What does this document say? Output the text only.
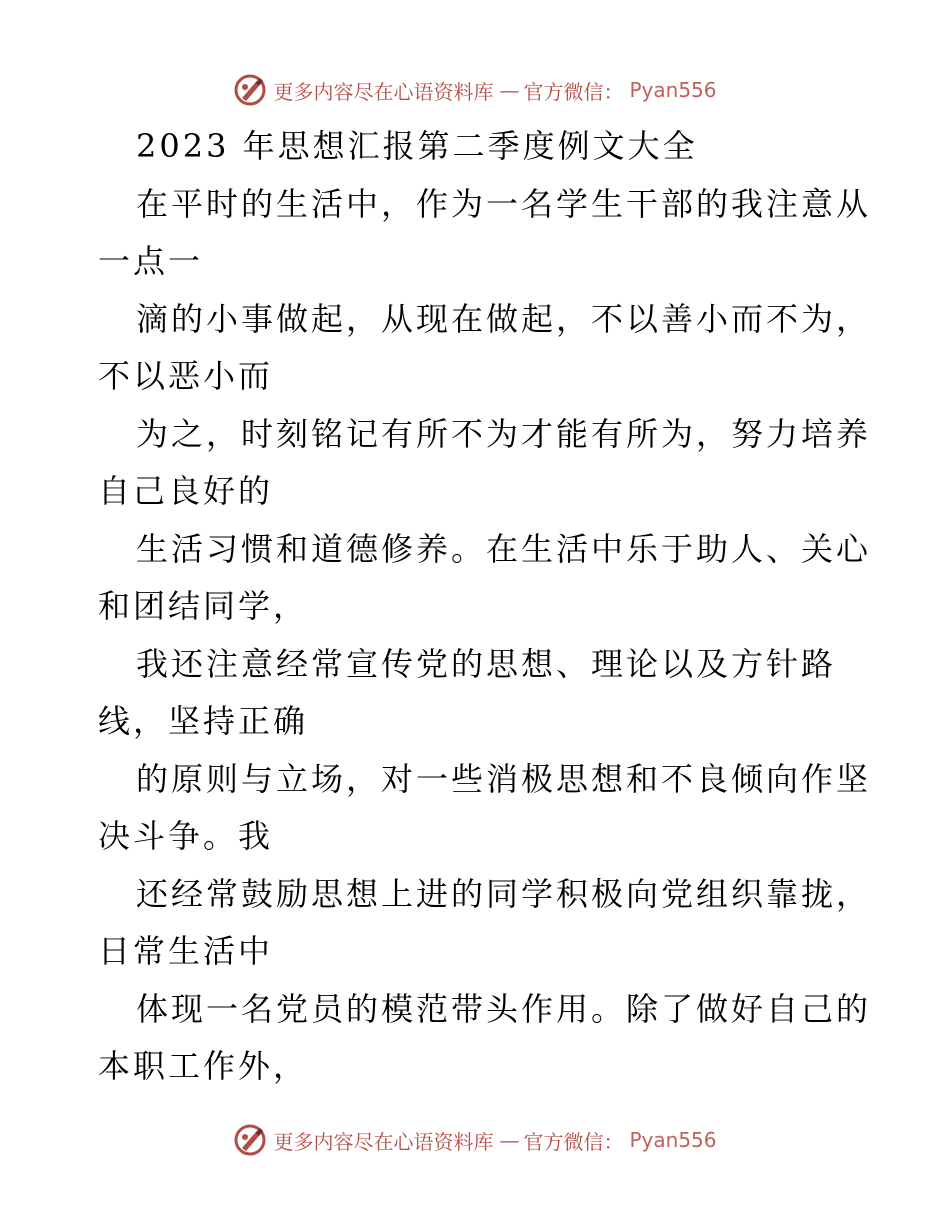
更多内容尽在心语资料库 — 官方微信： Pyan556
2023 年思想汇报第二季度例文大全
在平时的生活中，作为一名学生干部的我注意从
一点一
滴的小事做起，从现在做起，不以善小而不为，
不以恶小而
为之，时刻铭记有所不为才能有所为，努力培养
自己良好的
生活习惯和道德修养。在生活中乐于助人、关心
和团结同学，
我还注意经常宣传党的思想、理论以及方针路
线，坚持正确
的原则与立场，对一些消极思想和不良倾向作坚
决斗争。我
还经常鼓励思想上进的同学积极向党组织靠拢，
日常生活中
体现一名党员的模范带头作用。除了做好自己的
本职工作外，
更多内容尽在心语资料库 — 官方微信： Pyan556
